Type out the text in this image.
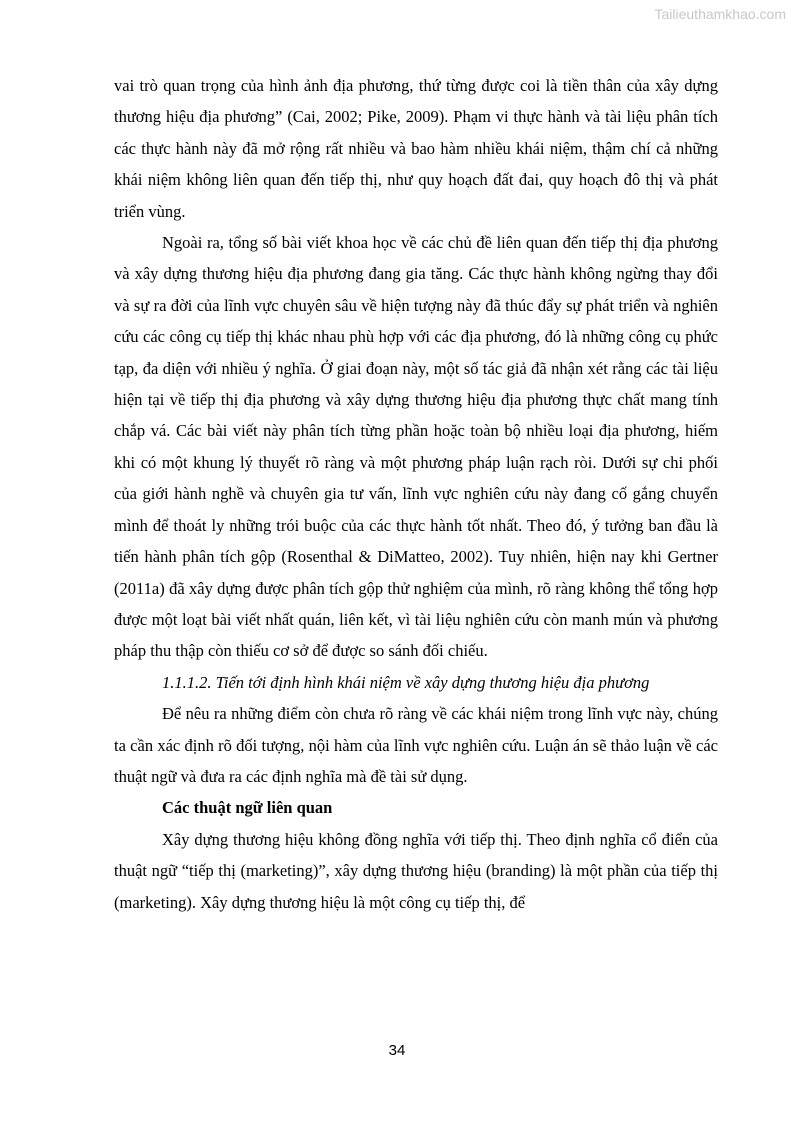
Tailieuthamkhao.com

vai trò quan trọng của hình ảnh địa phương, thứ từng được coi là tiền thân của xây dựng thương hiệu địa phương” (Cai, 2002; Pike, 2009). Phạm vi thực hành và tài liệu phân tích các thực hành này đã mở rộng rất nhiều và bao hàm nhiều khái niệm, thậm chí cả những khái niệm không liên quan đến tiếp thị, như quy hoạch đất đai, quy hoạch đô thị và phát triển vùng.

Ngoài ra, tổng số bài viết khoa học về các chủ đề liên quan đến tiếp thị địa phương và xây dựng thương hiệu địa phương đang gia tăng. Các thực hành không ngừng thay đổi và sự ra đời của lĩnh vực chuyên sâu về hiện tượng này đã thúc đẩy sự phát triển và nghiên cứu các công cụ tiếp thị khác nhau phù hợp với các địa phương, đó là những công cụ phức tạp, đa diện với nhiều ý nghĩa. Ở giai đoạn này, một số tác giả đã nhận xét rằng các tài liệu hiện tại về tiếp thị địa phương và xây dựng thương hiệu địa phương thực chất mang tính chắp vá. Các bài viết này phân tích từng phần hoặc toàn bộ nhiều loại địa phương, hiếm khi có một khung lý thuyết rõ ràng và một phương pháp luận rạch ròi. Dưới sự chi phối của giới hành nghề và chuyên gia tư vấn, lĩnh vực nghiên cứu này đang cố gắng chuyển mình để thoát ly những trói buộc của các thực hành tốt nhất. Theo đó, ý tưởng ban đầu là tiến hành phân tích gộp (Rosenthal & DiMatteo, 2002). Tuy nhiên, hiện nay khi Gertner (2011a) đã xây dựng được phân tích gộp thử nghiệm của mình, rõ ràng không thể tổng hợp được một loạt bài viết nhất quán, liên kết, vì tài liệu nghiên cứu còn manh mún và phương pháp thu thập còn thiếu cơ sở để được so sánh đối chiếu.

1.1.1.2. Tiến tới định hình khái niệm về xây dựng thương hiệu địa phương

Để nêu ra những điểm còn chưa rõ ràng về các khái niệm trong lĩnh vực này, chúng ta cần xác định rõ đối tượng, nội hàm của lĩnh vực nghiên cứu. Luận án sẽ thảo luận về các thuật ngữ và đưa ra các định nghĩa mà đề tài sử dụng.

Các thuật ngữ liên quan

Xây dựng thương hiệu không đồng nghĩa với tiếp thị. Theo định nghĩa cổ điển của thuật ngữ “tiếp thị (marketing)”, xây dựng thương hiệu (branding) là một phần của tiếp thị (marketing). Xây dựng thương hiệu là một công cụ tiếp thị, để

34
